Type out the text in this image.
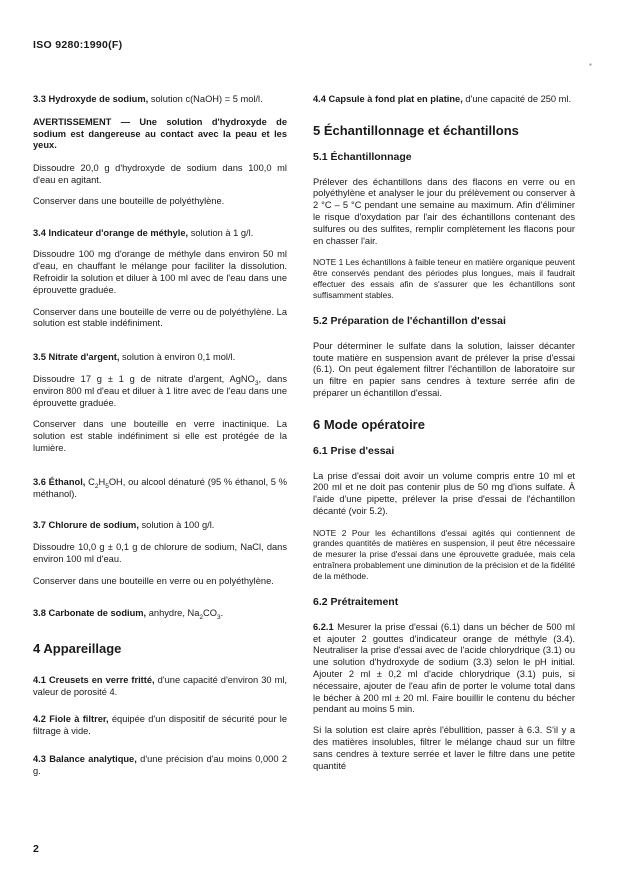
ISO 9280:1990(F)
*

3.3 Hydroxyde de sodium, solution c(NaOH) = 5 mol/l.

AVERTISSEMENT — Une solution d'hydroxyde de sodium est dangereuse au contact avec la peau et les yeux.

Dissoudre 20,0 g d'hydroxyde de sodium dans 100,0 ml d'eau en agitant.

Conserver dans une bouteille de polyéthylène.

3.4 Indicateur d'orange de méthyle, solution à 1 g/l.

Dissoudre 100 mg d'orange de méthyle dans environ 50 ml d'eau, en chauffant le mélange pour faciliter la dissolution. Refroidir la solution et diluer à 100 ml avec de l'eau dans une éprouvette graduée.

Conserver dans une bouteille de verre ou de polyéthylène. La solution est stable indéfiniment.

3.5 Nitrate d'argent, solution à environ 0,1 mol/l.

Dissoudre 17 g ± 1 g de nitrate d'argent, AgNO$_3$, dans environ 800 ml d'eau et diluer à 1 litre avec de l'eau dans une éprouvette graduée.

Conserver dans une bouteille en verre inactinique. La solution est stable indéfiniment si elle est protégée de la lumière.

3.6 Éthanol, $C_2H_5OH$, ou alcool dénaturé (95 % éthanol, 5 % méthanol).

3.7 Chlorure de sodium, solution à 100 g/l.

Dissoudre 10,0 g ± 0,1 g de chlorure de sodium, NaCl, dans environ 100 ml d'eau.

Conserver dans une bouteille en verre ou en polyéthylène.

3.8 Carbonate de sodium, anhydre, $Na_2CO_3$.

4 Appareillage

4.1 Creusets en verre fritté, d'une capacité d'environ 30 ml, valeur de porosité 4.

4.2 Fiole à filtrer, équipée d'un dispositif de sécurité pour le filtrage à vide.

4.3 Balance analytique, d'une précision d'au moins 0,000 2 g.

4.4 Capsule à fond plat en platine, d'une capacité de 250 ml.

5 Échantillonnage et échantillons

5.1 Échantillonnage

Prélever des échantillons dans des flacons en verre ou en polyéthylène et analyser le jour du prélèvement ou conserver à 2 °C – 5 °C pendant une semaine au maximum. Afin d'éliminer le risque d'oxydation par l'air des échantillons contenant des sulfures ou des sulfites, remplir complètement les flacons pour en chasser l'air.

NOTE 1 Les échantillons à faible teneur en matière organique peuvent être conservés pendant des périodes plus longues, mais il faudrait effectuer des essais afin de s'assurer que les échantillons sont suffisamment stables.

5.2 Préparation de l'échantillon d'essai

Pour déterminer le sulfate dans la solution, laisser décanter toute matière en suspension avant de prélever la prise d'essai (6.1). On peut également filtrer l'échantillon de laboratoire sur un filtre en papier sans cendres à texture serrée afin de préparer un échantillon d'essai.

6 Mode opératoire

6.1 Prise d'essai

La prise d'essai doit avoir un volume compris entre 10 ml et 200 ml et ne doit pas contenir plus de 50 mg d'ions sulfate. À l'aide d'une pipette, prélever la prise d'essai de l'échantillon décanté (voir 5.2).

NOTE 2 Pour les échantillons d'essai agités qui contiennent de grandes quantités de matières en suspension, il peut être nécessaire de mesurer la prise d'essai dans une éprouvette graduée, mais cela entraînera probablement une diminution de la précision et de la fidélité de la méthode.

6.2 Prétraitement

6.2.1 Mesurer la prise d'essai (6.1) dans un bécher de 500 ml et ajouter 2 gouttes d'indicateur orange de méthyle (3.4). Neutraliser la prise d'essai avec de l'acide chlorydrique (3.1) ou une solution d'hydroxyde de sodium (3.3) selon le pH initial. Ajouter 2 ml ± 0,2 ml d'acide chlorydrique (3.1) puis, si nécessaire, ajouter de l'eau afin de porter le volume total dans le bécher à 200 ml ± 20 ml. Faire bouillir le contenu du bécher pendant au moins 5 min.

Si la solution est claire après l'ébullition, passer à 6.3. S'il y a des matières insolubles, filtrer le mélange chaud sur un filtre sans cendres à texture serrée et laver le filtre dans une petite quantité

2
